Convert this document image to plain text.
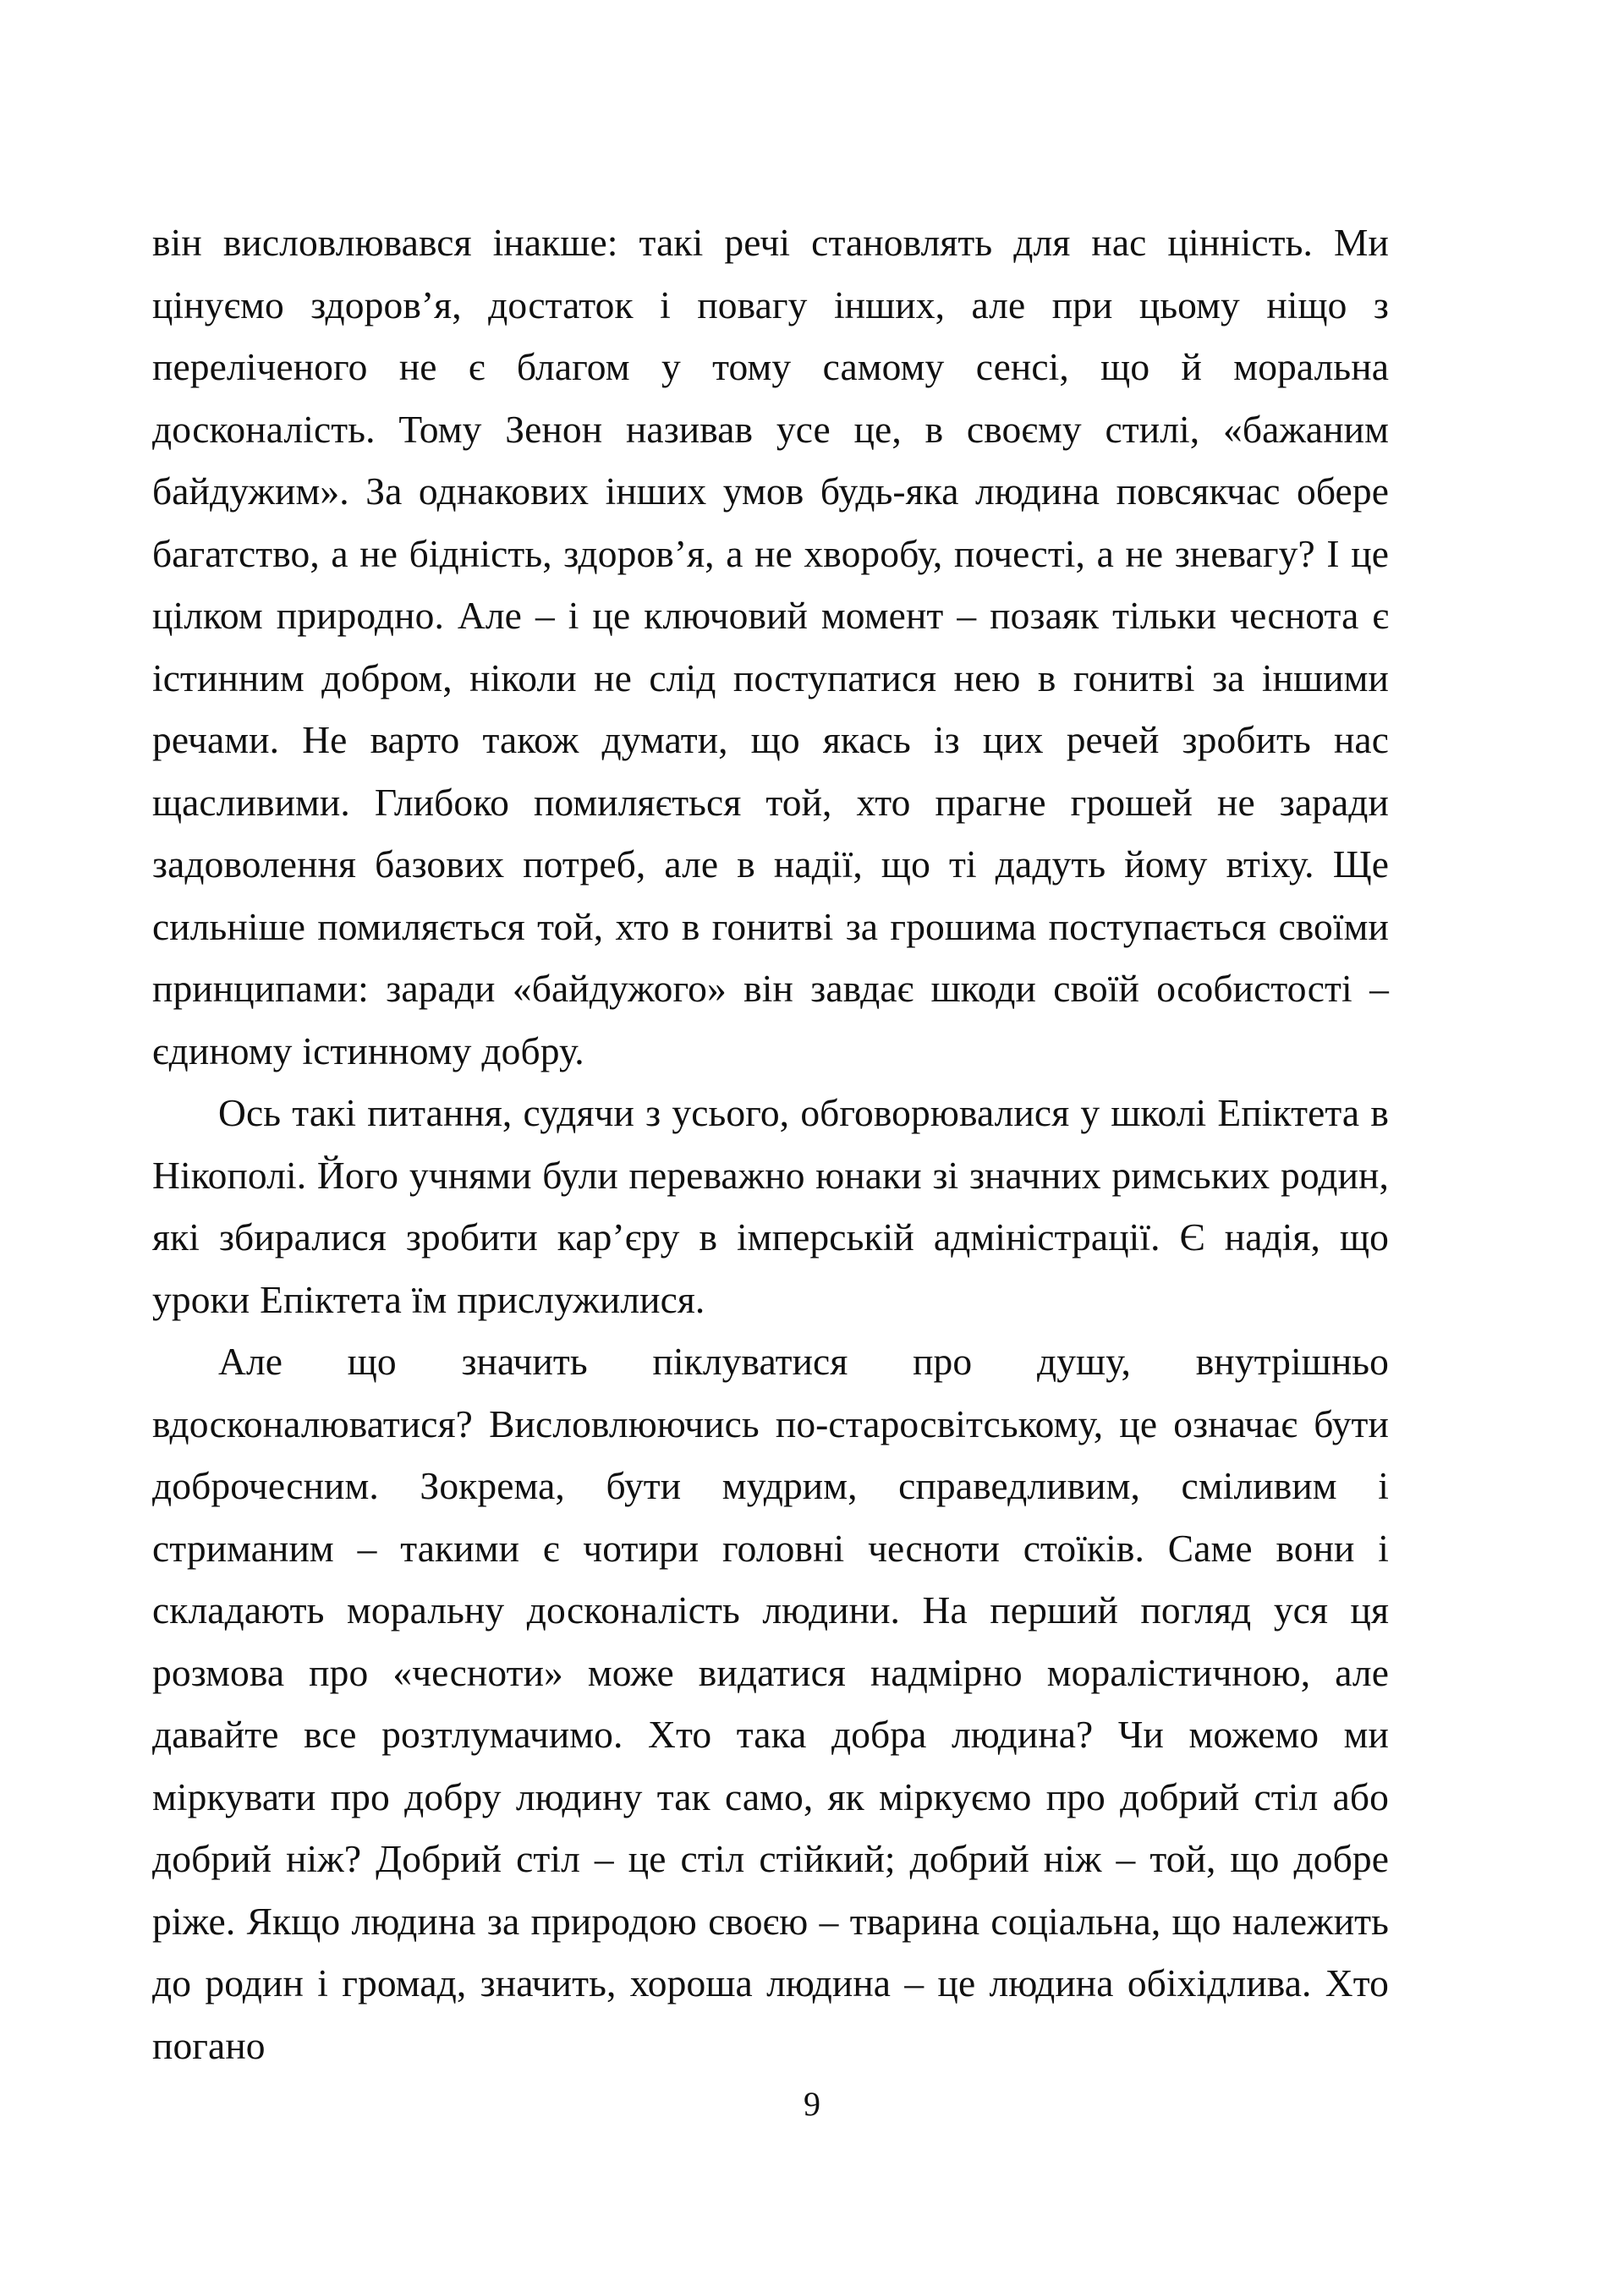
він висловлювався інакше: такі речі становлять для нас цінність. Ми цінуємо здоров’я, достаток і повагу інших, але при цьому ніщо з переліченого не є благом у тому самому сенсі, що й моральна досконалість. Тому Зенон називав усе це, в своєму стилі, «бажаним байдужим». За однакових інших умов будь-яка людина повсякчас обере багатство, а не бідність, здоров’я, а не хворобу, почесті, а не зневагу? І це цілком природно. Але – і це ключовий момент – позаяк тільки чеснота є істинним добром, ніколи не слід поступатися нею в гонитві за іншими речами. Не варто також думати, що якась із цих речей зробить нас щасливими. Глибоко помиляється той, хто прагне грошей не заради задоволення базових потреб, але в надії, що ті дадуть йому втіху. Ще сильніше помиляється той, хто в гонитві за грошима поступається своїми принципами: заради «байдужого» він завдає шкоди своїй особистості – єдиному істинному добру.

Ось такі питання, судячи з усього, обговорювалися у школі Епіктета в Нікополі. Його учнями були переважно юнаки зі значних римських родин, які збиралися зробити кар’єру в імперській адміністрації. Є надія, що уроки Епіктета їм прислужилися.

Але що значить піклуватися про душу, внутрішньо вдосконалюватися? Висловлюючись по-старосвітському, це означає бути доброчесним. Зокрема, бути мудрим, справедливим, сміливим і стриманим – такими є чотири головні чесноти стоїків. Саме вони і складають моральну досконалість людини. На перший погляд уся ця розмова про «чесноти» може видатися надмірно моралістичною, але давайте все розтлумачимо. Хто така добра людина? Чи можемо ми міркувати про добру людину так само, як міркуємо про добрий стіл або добрий ніж? Добрий стіл – це стіл стійкий; добрий ніж – той, що добре ріже. Якщо людина за природою своєю – тварина соціальна, що належить до родин і громад, значить, хороша людина – це людина обіхідлива. Хто погано

9
